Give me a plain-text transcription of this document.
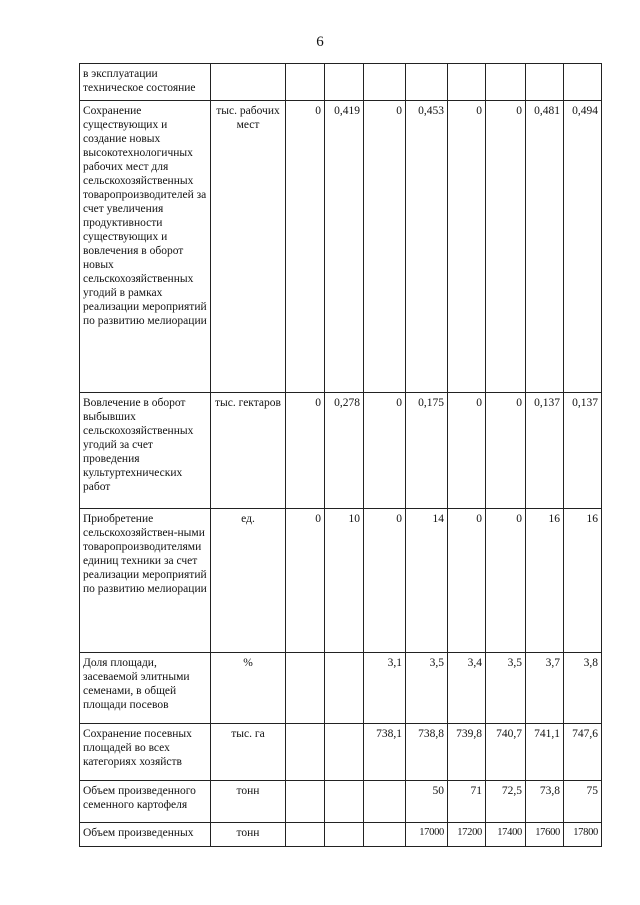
6
в эксплуатации техническое состояние									
Сохранение существующих и создание новых высокотехнологичных рабочих мест для сельскохозяйственных товаропроизводителей за счет увеличения продуктивности существующих и вовлечения в оборот новых сельскохозяйственных угодий в рамках реализации мероприятий по развитию мелиорации	тыс. рабочих мест	0	0,419	0	0,453	0	0	0,481	0,494
Вовлечение в оборот выбывших сельскохозяйственных угодий за счет проведения культуртехнических работ	тыс. гектаров	0	0,278	0	0,175	0	0	0,137	0,137
Приобретение сельскохозяйствен-ными товаропроизводителями единиц техники за счет реализации мероприятий по развитию мелиорации	ед.	0	10	0	14	0	0	16	16
Доля площади, засеваемой элитными семенами, в общей площади посевов	%			3,1	3,5	3,4	3,5	3,7	3,8
Сохранение посевных площадей во всех категориях хозяйств	тыс. га			738,1	738,8	739,8	740,7	741,1	747,6
Объем произведенного семенного картофеля	тонн				50	71	72,5	73,8	75
Объем произведенных	тонн				17000	17200	17400	17600	17800
